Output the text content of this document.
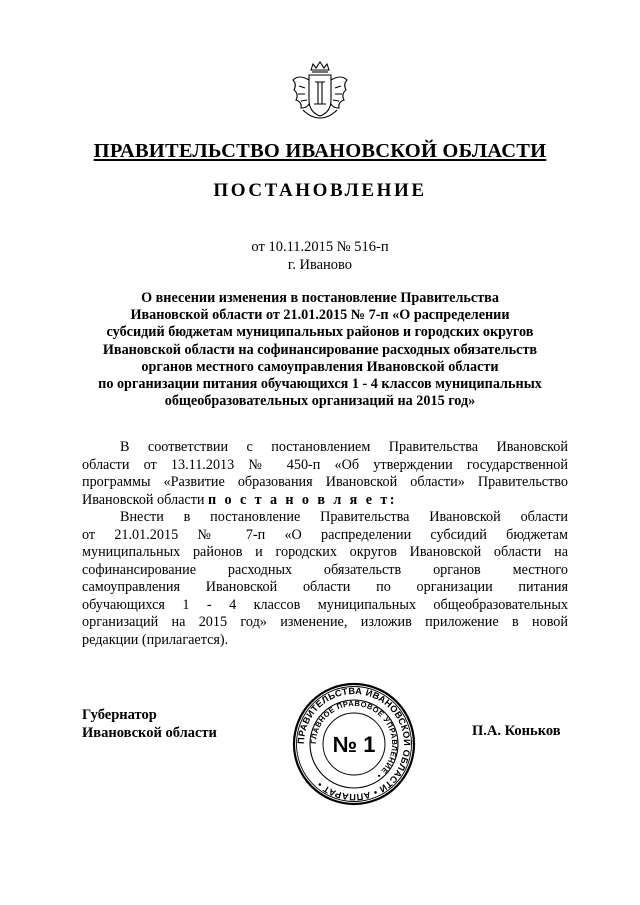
ПРАВИТЕЛЬСТВО ИВАНОВСКОЙ ОБЛАСТИ
ПОСТАНОВЛЕНИЕ
от 10.11.2015 № 516-п
г. Иваново
О внесении изменения в постановление Правительства
Ивановской области от 21.01.2015 № 7-п «О распределении
субсидий бюджетам муниципальных районов и городских округов
Ивановской области на софинансирование расходных обязательств
органов местного самоуправления Ивановской области
по организации питания обучающихся 1 - 4 классов муниципальных
общеобразовательных организаций на 2015 год»
В соответствии с постановлением Правительства Ивановской
области от 13.11.2013 № 450-п «Об утверждении государственной
программы «Развитие образования Ивановской области» Правительство
Ивановской области п о с т а н о в л я е т:
Внести в постановление Правительства Ивановской области
от 21.01.2015 № 7-п «О распределении субсидий бюджетам
муниципальных районов и городских округов Ивановской области на
софинансирование расходных обязательств органов местного
самоуправления Ивановской области по организации питания
обучающихся 1 - 4 классов муниципальных общеобразовательных
организаций на 2015 год» изменение, изложив приложение в новой
редакции (прилагается).
Губернатор
Ивановской области	П.А. Коньков
ПРАВИТЕЛЬСТВА ИВАНОВСКОЙ ОБЛАСТИ • АППАРАТ •
ГЛАВНОЕ ПРАВОВОЕ УПРАВЛЕНИЕ •
№ 1
